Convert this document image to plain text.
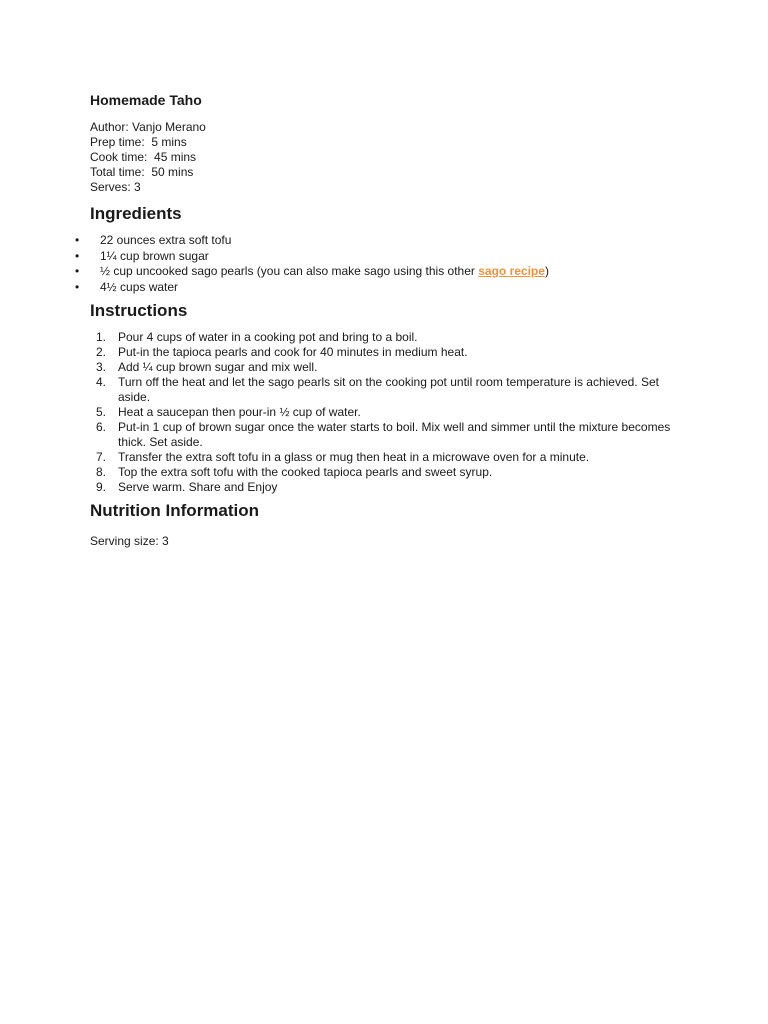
Homemade Taho
Author: Vanjo Merano
Prep time:  5 mins
Cook time:  45 mins
Total time:  50 mins
Serves: 3
Ingredients
• 22 ounces extra soft tofu
• 1¼ cup brown sugar
• ½ cup uncooked sago pearls (you can also make sago using this other sago recipe)
• 4½ cups water
Instructions
1. Pour 4 cups of water in a cooking pot and bring to a boil.
2. Put-in the tapioca pearls and cook for 40 minutes in medium heat.
3. Add ¼ cup brown sugar and mix well.
4. Turn off the heat and let the sago pearls sit on the cooking pot until room temperature is achieved. Set aside.
5. Heat a saucepan then pour-in ½ cup of water.
6. Put-in 1 cup of brown sugar once the water starts to boil. Mix well and simmer until the mixture becomes thick. Set aside.
7. Transfer the extra soft tofu in a glass or mug then heat in a microwave oven for a minute.
8. Top the extra soft tofu with the cooked tapioca pearls and sweet syrup.
9. Serve warm. Share and Enjoy
Nutrition Information
Serving size: 3
